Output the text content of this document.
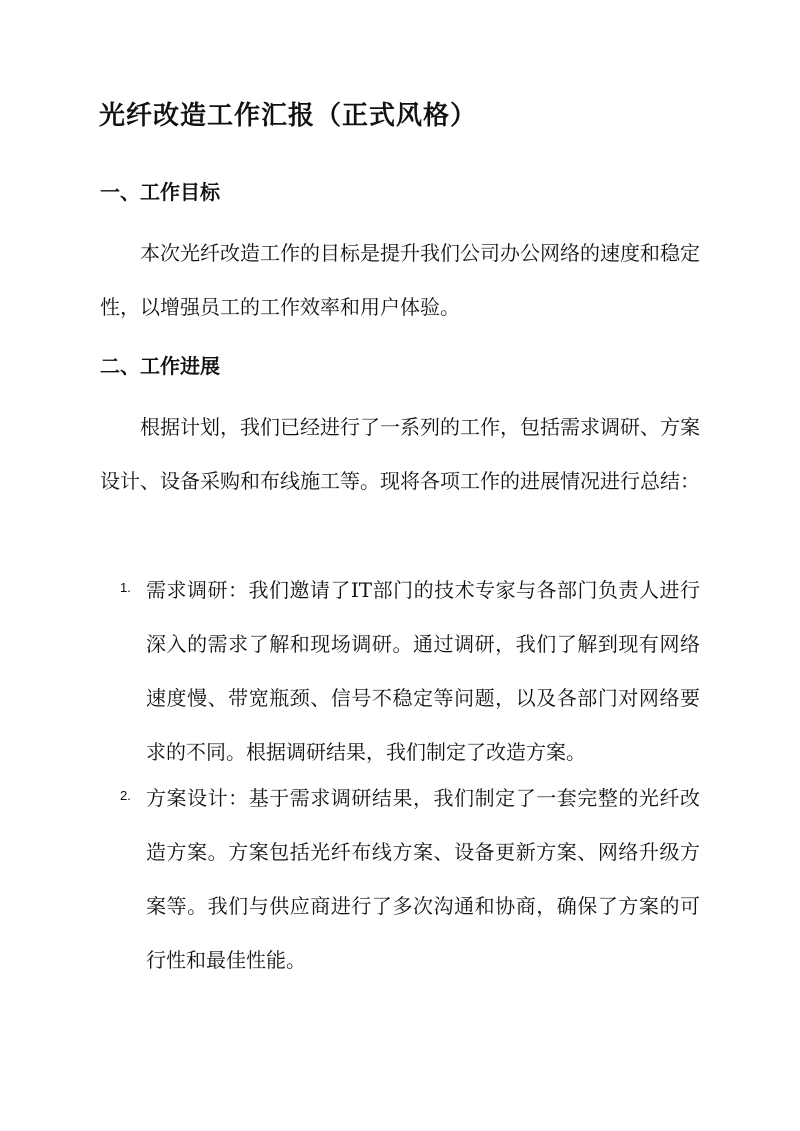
光纤改造工作汇报（正式风格）
一、工作目标

本次光纤改造工作的目标是提升我们公司办公网络的速度和稳定性，以增强员工的工作效率和用户体验。

二、工作进展

根据计划，我们已经进行了一系列的工作，包括需求调研、方案设计、设备采购和布线施工等。现将各项工作的进展情况进行总结：

1. 需求调研：我们邀请了IT部门的技术专家与各部门负责人进行深入的需求了解和现场调研。通过调研，我们了解到现有网络速度慢、带宽瓶颈、信号不稳定等问题，以及各部门对网络要求的不同。根据调研结果，我们制定了改造方案。

2. 方案设计：基于需求调研结果，我们制定了一套完整的光纤改造方案。方案包括光纤布线方案、设备更新方案、网络升级方案等。我们与供应商进行了多次沟通和协商，确保了方案的可行性和最佳性能。
